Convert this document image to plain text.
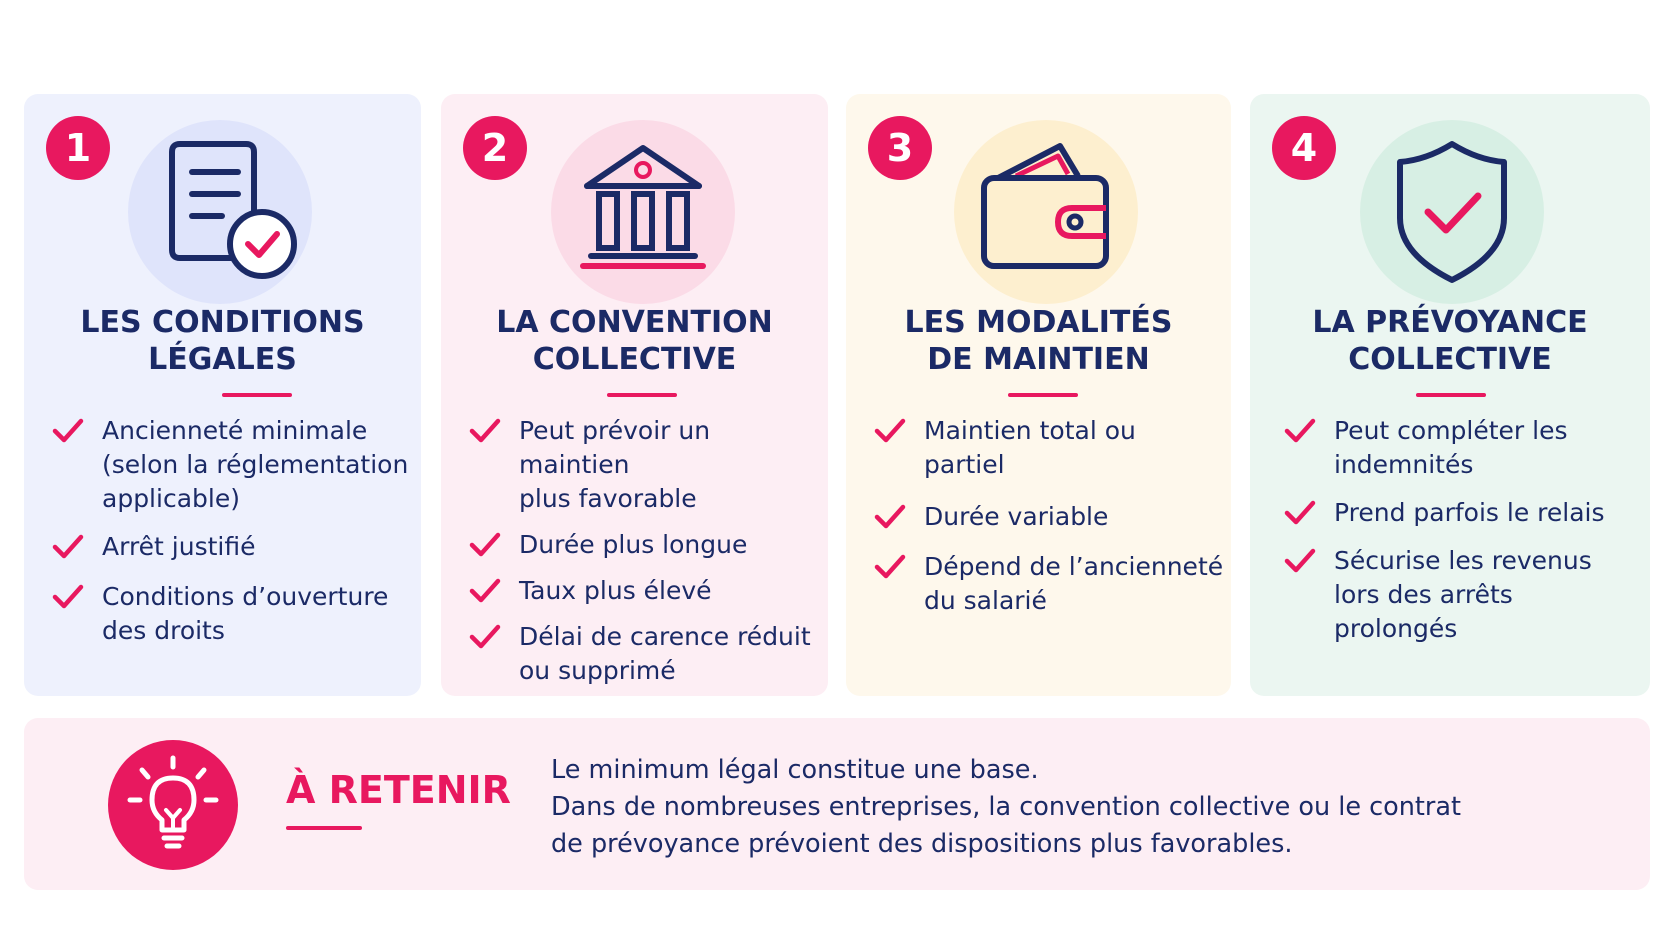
1
LES CONDITIONS
LÉGALES
Ancienneté minimale
(selon la réglementation
applicable)
Arrêt justifié
Conditions d’ouverture
des droits
2
LA CONVENTION
COLLECTIVE
Peut prévoir un maintien
plus favorable
Durée plus longue
Taux plus élevé
Délai de carence réduit
ou supprimé
3
LES MODALITÉS
DE MAINTIEN
Maintien total ou partiel
Durée variable
Dépend de l’ancienneté
du salarié
4
LA PRÉVOYANCE
COLLECTIVE
Peut compléter les
indemnités
Prend parfois le relais
Sécurise les revenus
lors des arrêts
prolongés
À RETENIR Le minimum légal constitue une base.
Dans de nombreuses entreprises, la convention collective ou le contrat
de prévoyance prévoient des dispositions plus favorables.
